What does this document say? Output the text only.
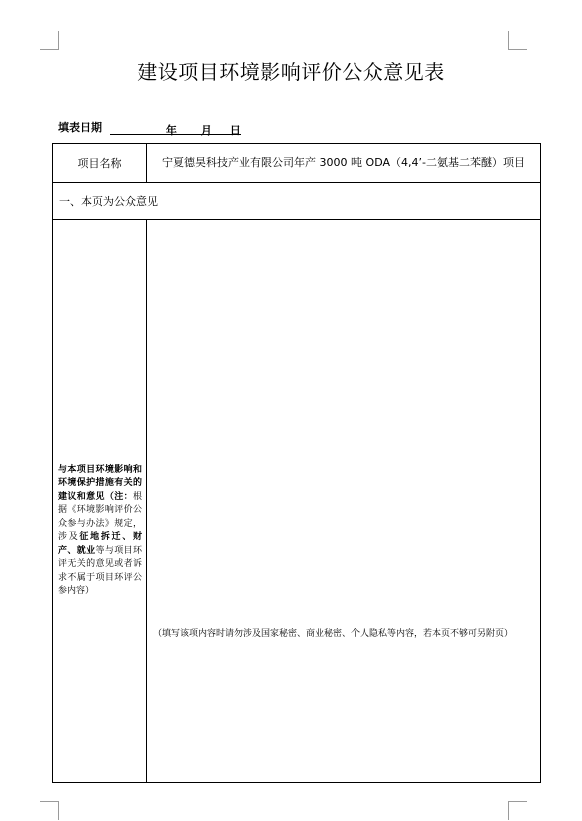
建设项目环境影响评价公众意见表
填表日期	年 月 日
项目名称	宁夏德昊科技产业有限公司年产 3000 吨 ODA（4,4’-二氨基二苯醚）项目
一、本页为公众意见	

与本项目环境影响和环境保护措施有关的建议和意见（注：根据《环境影响评价公众参与办法》规定，涉及征地拆迁、财产、就业等与项目环评无关的意见或者诉求不属于项目环评公参内容）	（填写该项内容时请勿涉及国家秘密、商业秘密、个人隐私等内容，若本页不够可另附页）
